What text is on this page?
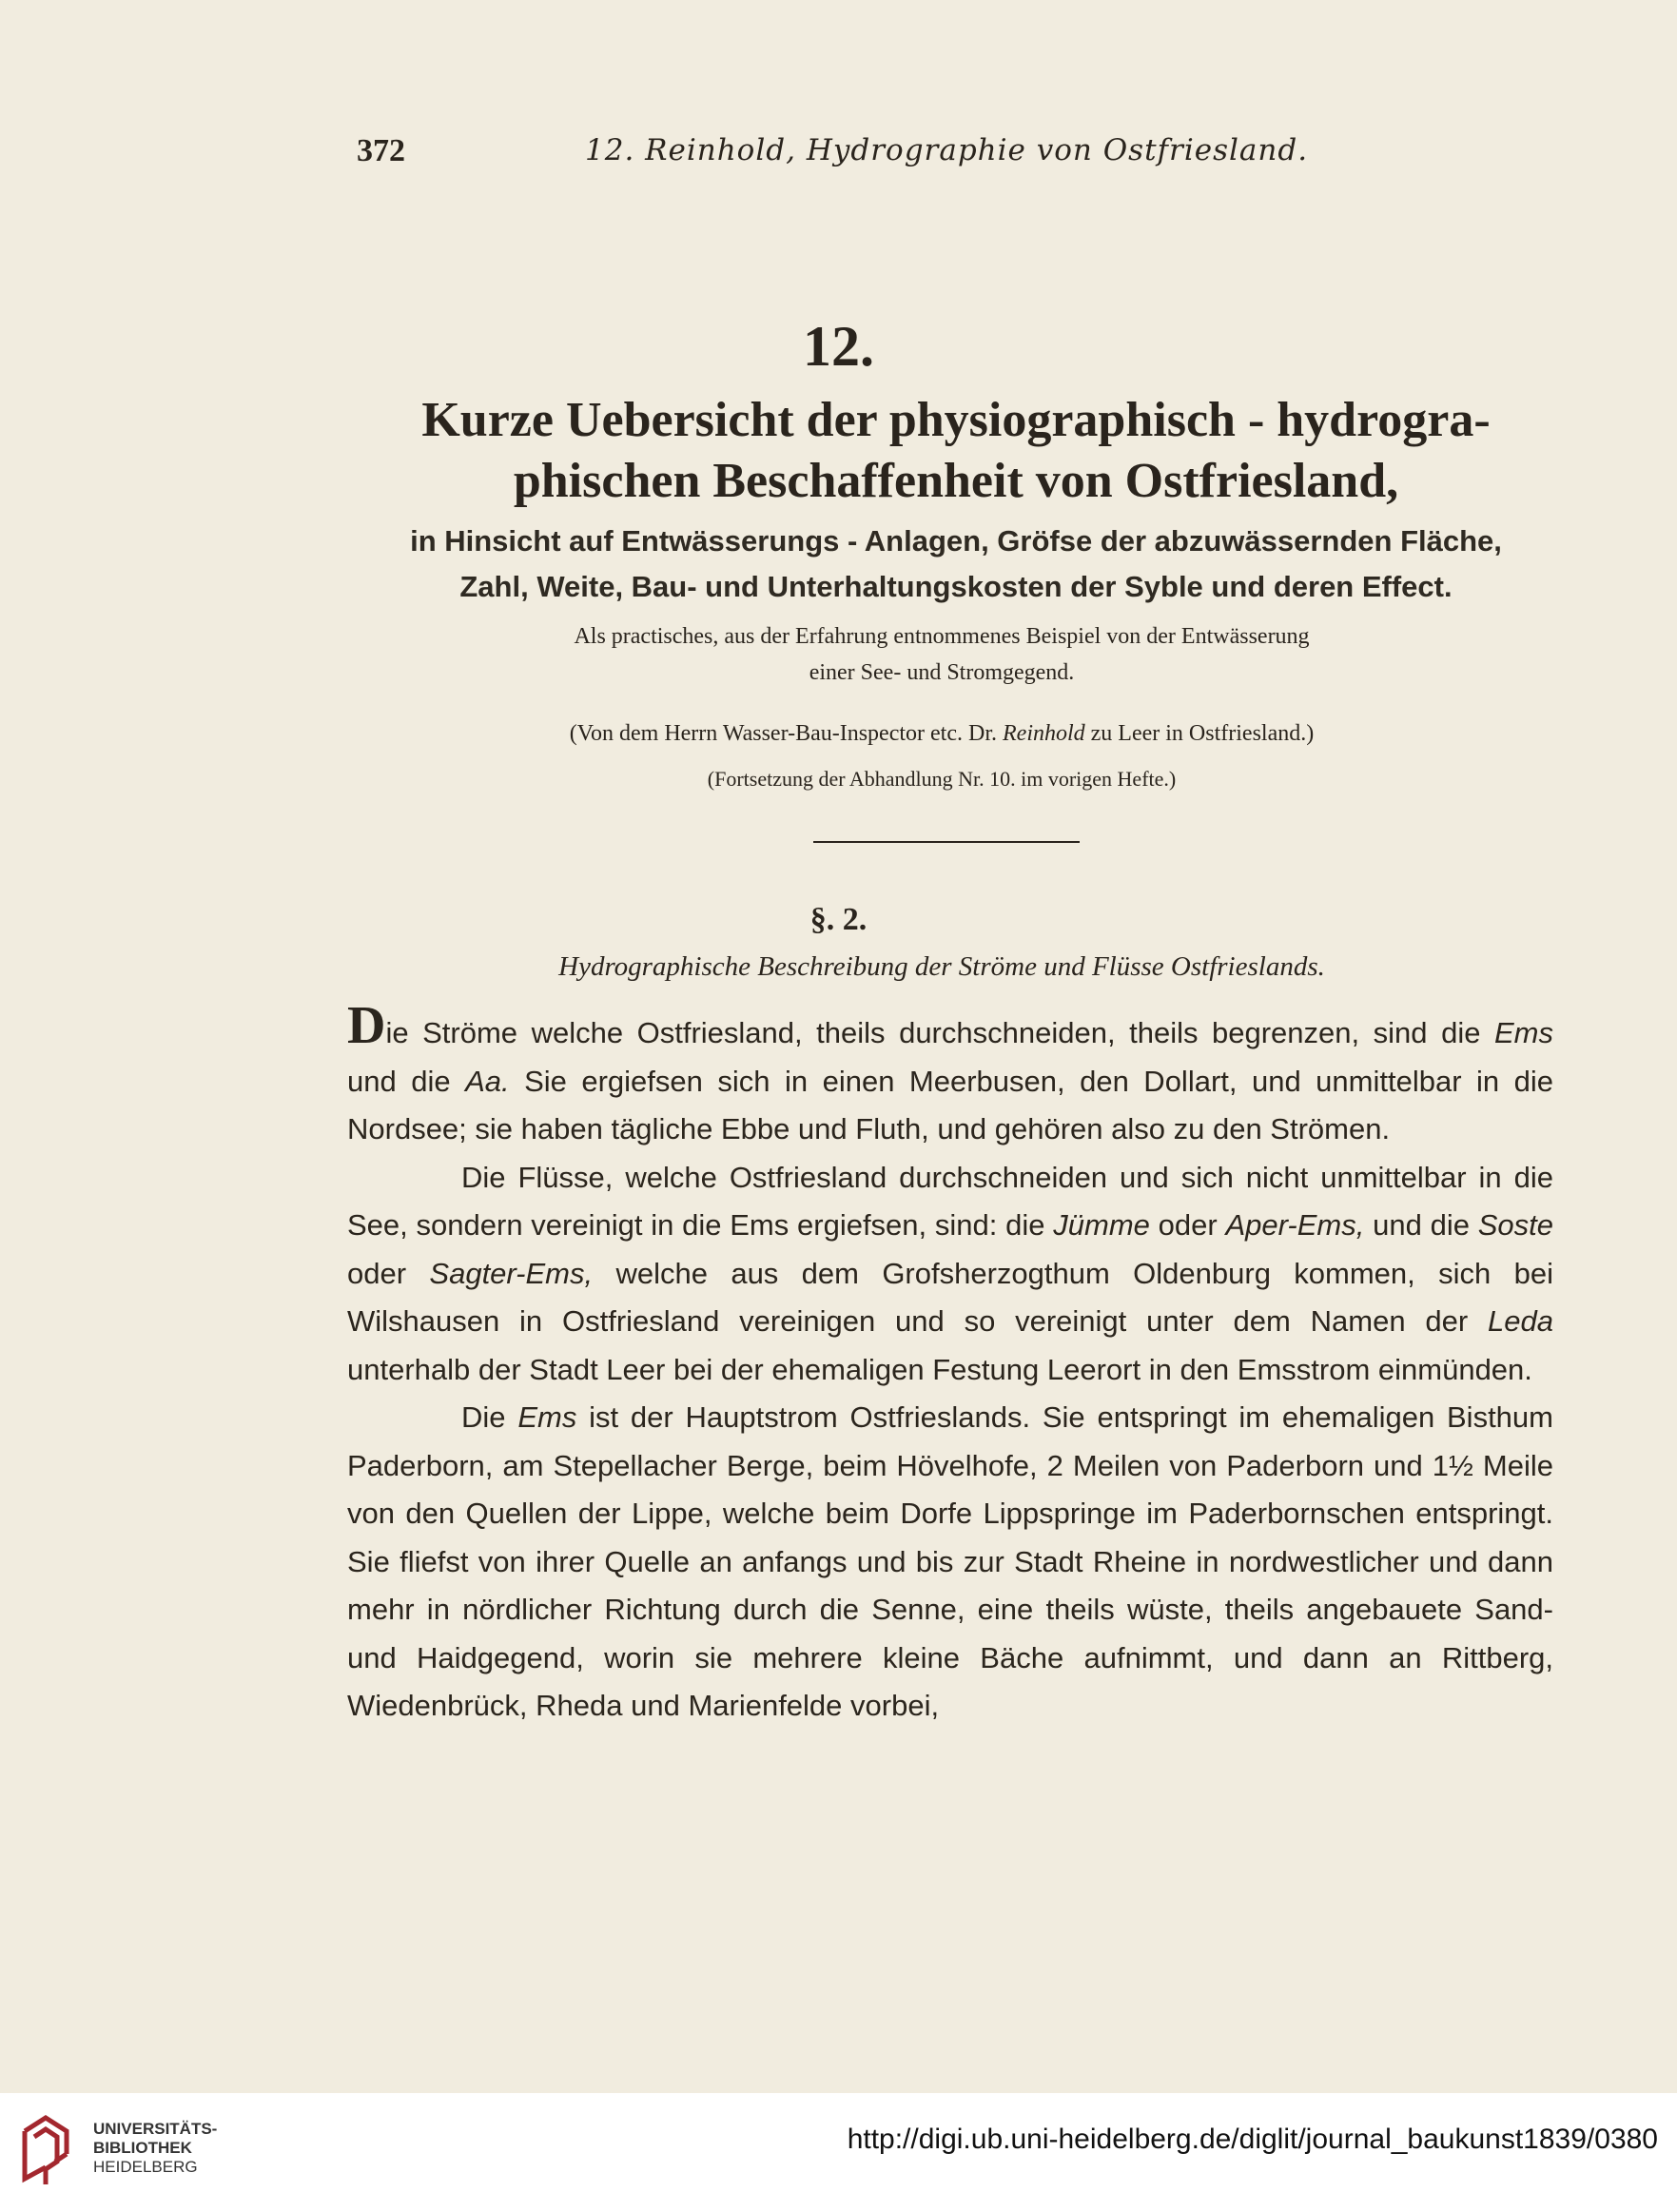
372	12. Reinhold, Hydrographie von Ostfriesland.
12.
Kurze Uebersicht der physiographisch - hydrogra-
phischen Beschaffenheit von Ostfriesland,
in Hinsicht auf Entwässerungs - Anlagen, Gröfse der abzuwässernden Fläche,
Zahl, Weite, Bau- und Unterhaltungskosten der Syble und deren Effect.
Als practisches, aus der Erfahrung entnommenes Beispiel von der Entwässerung
einer See- und Stromgegend.
(Von dem Herrn Wasser-Bau-Inspector etc. Dr. Reinhold zu Leer in Ostfriesland.)
(Fortsetzung der Abhandlung Nr. 10. im vorigen Hefte.)
§. 2.
Hydrographische Beschreibung der Ströme und Flüsse Ostfrieslands.

Die Ströme welche Ostfriesland, theils durchschneiden, theils begrenzen, sind die Ems und die Aa. Sie ergiefsen sich in einen Meerbusen, den Dollart, und unmittelbar in die Nordsee; sie haben tägliche Ebbe und Fluth, und gehören also zu den Strömen.

Die Flüsse, welche Ostfriesland durchschneiden und sich nicht unmittelbar in die See, sondern vereinigt in die Ems ergiefsen, sind: die Jümme oder Aper-Ems, und die Soste oder Sagter-Ems, welche aus dem Grofsherzogthum Oldenburg kommen, sich bei Wilshausen in Ostfriesland vereinigen und so vereinigt unter dem Namen der Leda unterhalb der Stadt Leer bei der ehemaligen Festung Leerort in den Emsstrom einmünden.

Die Ems ist der Hauptstrom Ostfrieslands. Sie entspringt im ehemaligen Bisthum Paderborn, am Stepellacher Berge, beim Hövelhofe, 2 Meilen von Paderborn und 1½ Meile von den Quellen der Lippe, welche beim Dorfe Lippspringe im Paderbornschen entspringt. Sie fliefst von ihrer Quelle an anfangs und bis zur Stadt Rheine in nordwestlicher und dann mehr in nördlicher Richtung durch die Senne, eine theils wüste, theils angebauete Sand- und Haidgegend, worin sie mehrere kleine Bäche aufnimmt, und dann an Rittberg, Wiedenbrück, Rheda und Marienfelde vorbei,

UNIVERSITÄTS-
BIBLIOTHEK
HEIDELBERG
http://digi.ub.uni-heidelberg.de/diglit/journal_baukunst1839/0380
